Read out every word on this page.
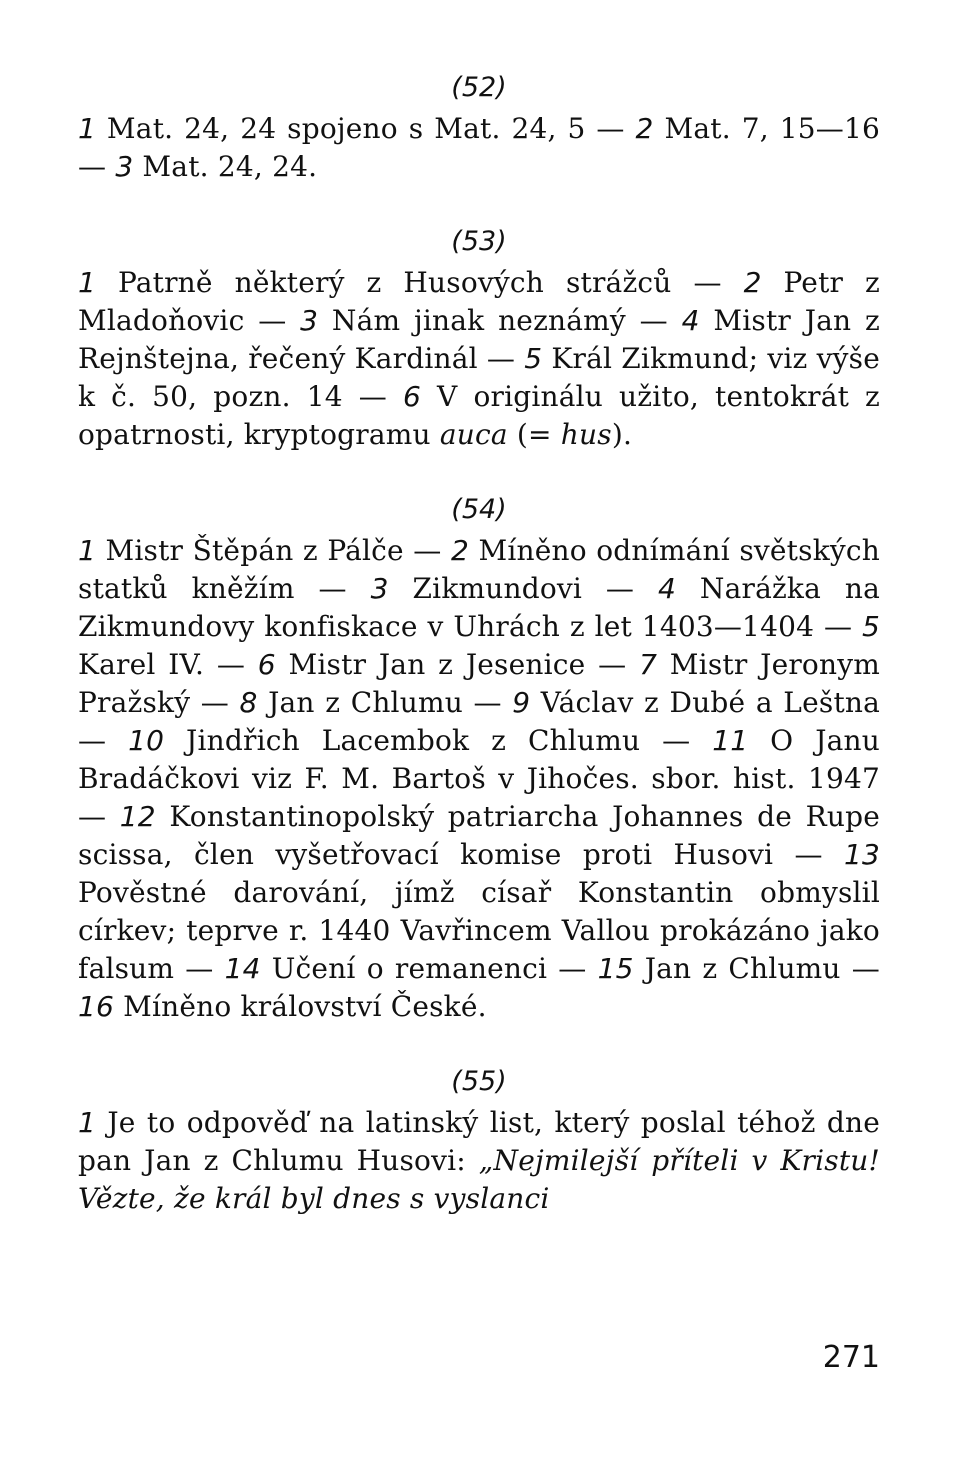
(52)

1 Mat. 24, 24 spojeno s Mat. 24, 5 — 2 Mat. 7, 15—16 — 3 Mat. 24, 24.

(53)

1 Patrně některý z Husových strážců — 2 Petr z Mladoňovic — 3 Nám jinak neznámý — 4 Mistr Jan z Rejnštejna, řečený Kardinál — 5 Král Zikmund; viz výše k č. 50, pozn. 14 — 6 V originálu užito, tentokrát z opatrnosti, kryptogramu auca (= hus).

(54)

1 Mistr Štěpán z Pálče — 2 Míněno odnímání světských statků kněžím — 3 Zikmundovi — 4 Narážka na Zikmundovy konfiskace v Uhrách z let 1403—1404 — 5 Karel IV. — 6 Mistr Jan z Jesenice — 7 Mistr Jeronym Pražský — 8 Jan z Chlumu — 9 Václav z Dubé a Leštna — 10 Jindřich Lacembok z Chlumu — 11 O Janu Bradáčkovi viz F. M. Bartoš v Jihočes. sbor. hist. 1947 — 12 Konstantinopolský patriarcha Johannes de Rupe scissa, člen vyšetřovací komise proti Husovi — 13 Pověstné darování, jímž císař Konstantin obmyslil církev; teprve r. 1440 Vavřincem Vallou prokázáno jako falsum — 14 Učení o remanenci — 15 Jan z Chlumu — 16 Míněno království České.

(55)

1 Je to odpověď na latinský list, který poslal téhož dne pan Jan z Chlumu Husovi: „Nejmilejší příteli v Kristu! Vězte, že král byl dnes s vyslanci

271
